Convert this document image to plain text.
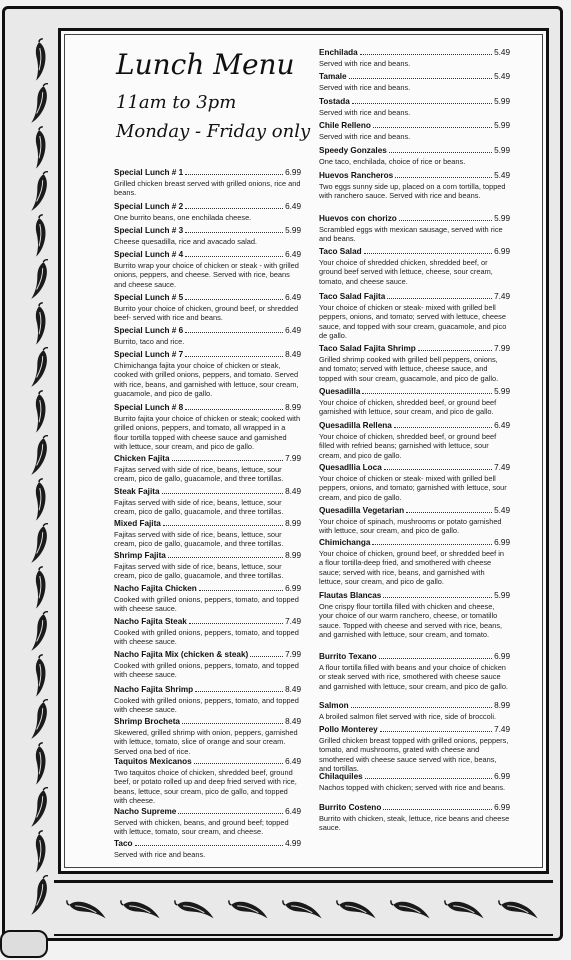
Lunch Menu
11am to 3pm
Monday - Friday only
Special Lunch # 1	6.99
Grilled chicken breast served with grilled onions, rice and beans.
Special Lunch # 2	6.49
One burrito beans, one enchilada cheese.
Special Lunch # 3	5.99
Cheese quesadilla, rice and avacado salad.
Special Lunch # 4	6.49
Burrito wrap your choice of chicken or steak - with grilled onions, peppers, and cheese. Served with rice, beans and cheese sauce.
Special Lunch # 5	6.49
Burrito your choice of chicken, ground beef, or shredded beef- served with rice and beans.
Special Lunch # 6	6.49
Burrito, taco and rice.
Special Lunch # 7	8.49
Chimichanga fajita your choice of chicken or steak, cooked with grilled onions, peppers, and tomato. Served with rice, beans, and garnished with lettuce, sour cream, guacamole, and pico de gallo.
Special Lunch # 8	8.99
Burrito fajita your choice of chicken or steak; cooked with grilled onions, peppers, and tomato, all wrapped in a flour tortilla topped with cheese sauce and garnished with lettuce, sour cream, and pico de gallo.
Chicken Fajita	7.99
Fajitas served with side of rice, beans, lettuce, sour cream, pico de gallo, guacamole, and three tortillas.
Steak Fajita	8.49
Fajitas served with side of rice, beans, lettuce, sour cream, pico de gallo, guacamole, and three tortillas.
Mixed Fajita	8.99
Fajitas served with side of rice, beans, lettuce, sour cream, pico de gallo, guacamole, and three tortillas.
Shrimp Fajita	8.99
Fajitas served with side of rice, beans, lettuce, sour cream, pico de gallo, guacamole, and three tortillas.
Nacho Fajita Chicken	6.99
Cooked with grilled onions, peppers, tomato, and topped with cheese sauce.
Nacho Fajita Steak	7.49
Cooked with grilled onions, peppers, tomato, and topped with cheese sauce.
Nacho Fajita Mix (chicken & steak)	7.99
Cooked with grilled onions, peppers, tomato, and topped with cheese sauce.
Nacho Fajita Shrimp	8.49
Cooked with grilled onions, peppers, tomato, and topped with cheese sauce.
Shrimp Brocheta	8.49
Skewered, grilled shrimp with onion, peppers, garnished with lettuce, tomato, slice of orange and sour cream. Served ona bed of rice.
Taquitos Mexicanos	6.49
Two taquitos choice of chicken, shredded beef, ground beef, or potato rolled up and deep fried served with rice, beans, lettuce, sour cream, pico de gallo, and topped with cheese.
Nacho Supreme	6.49
Served with chicken, beans, and ground beef; topped with lettuce, tomato, sour cream, and cheese.
Taco	4.99
Served with rice and beans.
Enchilada	5.49
Served with rice and beans.
Tamale	5.49
Served with rice and beans.
Tostada	5.99
Served with rice and beans.
Chile Relleno	5.99
Served with rice and beans.
Speedy Gonzales	5.99
One taco, enchilada, choice of rice or beans.
Huevos Rancheros	5.49
Two eggs sunny side up, placed on a corn tortilla, topped with ranchero sauce. Served with rice and beans.
Huevos con chorizo	5.99
Scrambled eggs with mexican sausage, served with rice and beans.
Taco Salad	6.99
Your choice of shredded chicken, shredded beef, or ground beef served with lettuce, cheese, sour cream, tomato, and cheese sauce.
Taco Salad Fajita	7.49
Your choice of chicken or steak- mixed with grilled bell peppers, onions, and tomato; served with lettuce, cheese sauce, and topped with sour cream, guacamole, and pico de gallo.
Taco Salad Fajita Shrimp	7.99
Grilled shrimp cooked with grilled bell peppers, onions, and tomato; served with lettuce, cheese sauce, and topped with sour cream, guacamole, and pico de gallo.
Quesadilla	5.99
Your choice of chicken, shredded beef, or ground beef garnished with lettuce, sour cream, and pico de gallo.
Quesadilla Rellena	6.49
Your choice of chicken, shredded beef, or ground beef filled with refried beans; garnished with lettuce, sour cream, and pico de gallo.
Quesadllia Loca	7.49
Your choice of chicken or steak- mixed with grilled bell peppers, onions, and tomato; garnished with lettuce, sour cream, and pico de gallo.
Quesadilla Vegetarian	5.49
Your choice of spinach, mushrooms or potato garnished with lettuce, sour cream, and pico de gallo.
Chimichanga	6.99
Your choice of chicken, ground beef, or shredded beef in a flour tortilla-deep fried, and smothered with cheese sauce; served with rice, beans, and garnished with lettuce, sour cream, and pico de gallo.
Flautas Blancas	5.99
One crispy flour tortilla filled with chicken and cheese, your choice of our warm ranchero, cheese, or tomatillo sauce. Topped with cheese and served with rice, beans, and garnished with lettuce, sour cream, and tomato.
Burrito Texano	6.99
A flour tortilla filled with beans and your choice of chicken or steak served with rice, smothered with cheese sauce and garnished with lettuce, sour cream, and pico de gallo.
Salmon	8.99
A broiled salmon filet served with rice, side of broccoli.
Pollo Monterey	7.49
Grilled chicken breast topped with grilled onions, peppers, tomato, and mushrooms, grated with cheese and smothered with cheese sauce served with rice, beans, and tortillas.
Chilaquiles	6.99
Nachos topped with chicken; served with rice and beans.
Burrito Costeno	6.99
Burrito with chicken, steak, lettuce, rice beans and cheese sauce.
